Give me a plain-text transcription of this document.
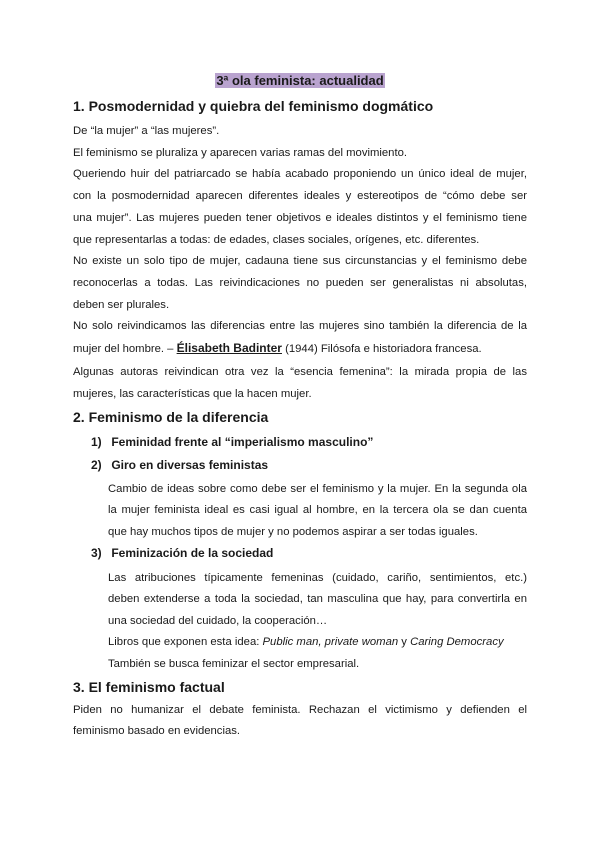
3ª ola feminista: actualidad
1. Posmodernidad y quiebra del feminismo dogmático
De “la mujer” a “las mujeres”.
El feminismo se pluraliza y aparecen varias ramas del movimiento.
Queriendo huir del patriarcado se había acabado proponiendo un único ideal de mujer,
con la posmodernidad aparecen diferentes ideales y estereotipos de “cómo debe ser
una mujer”. Las mujeres pueden tener objetivos e ideales distintos y el feminismo tiene
que representarlas a todas: de edades, clases sociales, orígenes, etc. diferentes.
No existe un solo tipo de mujer, cadauna tiene sus circunstancias y el feminismo debe
reconocerlas a todas. Las reivindicaciones no pueden ser generalistas ni absolutas,
deben ser plurales.
No solo reivindicamos las diferencias entre las mujeres sino también la diferencia de la
mujer del hombre. – Élisabeth Badinter (1944) Filósofa e historiadora francesa.
Algunas autoras reivindican otra vez la “esencia femenina”: la mirada propia de las
mujeres, las características que la hacen mujer.
2. Feminismo de la diferencia
1) Feminidad frente al “imperialismo masculino”
2) Giro en diversas feministas
Cambio de ideas sobre como debe ser el feminismo y la mujer. En la segunda ola
la mujer feminista ideal es casi igual al hombre, en la tercera ola se dan cuenta
que hay muchos tipos de mujer y no podemos aspirar a ser todas iguales.
3) Feminización de la sociedad
Las atribuciones típicamente femeninas (cuidado, cariño, sentimientos, etc.)
deben extenderse a toda la sociedad, tan masculina que hay, para convertirla en
una sociedad del cuidado, la cooperación…
Libros que exponen esta idea: Public man, private woman y Caring Democracy
También se busca feminizar el sector empresarial.
3. El feminismo factual
Piden no humanizar el debate feminista. Rechazan el victimismo y defienden el
feminismo basado en evidencias.
